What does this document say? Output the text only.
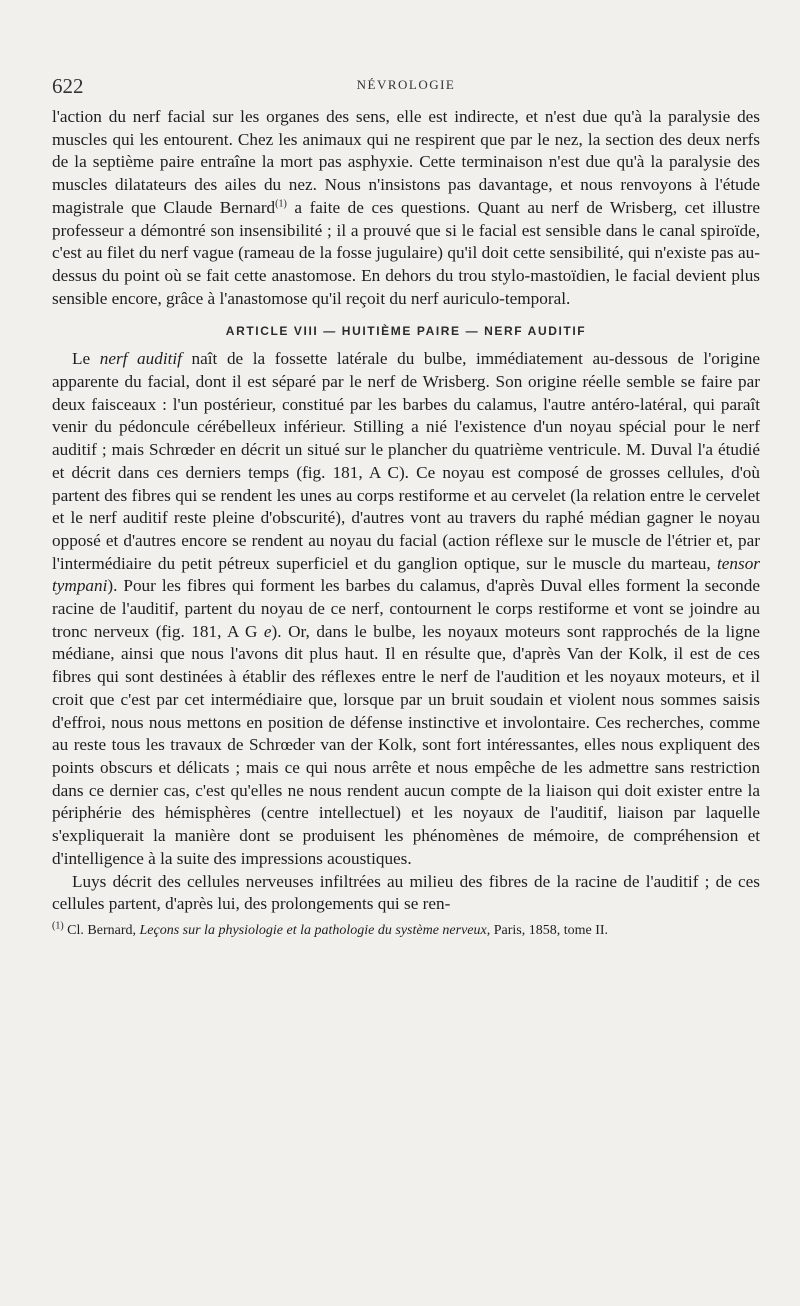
622	NÉVROLOGIE

l'action du nerf facial sur les organes des sens, elle est indirecte, et n'est due qu'à la paralysie des muscles qui les entourent. Chez les animaux qui ne respirent que par le nez, la section des deux nerfs de la septième paire entraîne la mort pas asphyxie. Cette terminaison n'est due qu'à la paralysie des muscles dilatateurs des ailes du nez. Nous n'insistons pas davantage, et nous renvoyons à l'étude magistrale que Claude Bernard$^{(1)}$ a faite de ces questions. Quant au nerf de Wrisberg, cet illustre professeur a démontré son insensibilité ; il a prouvé que si le facial est sensible dans le canal spiroïde, c'est au filet du nerf vague (rameau de la fosse jugulaire) qu'il doit cette sensibilité, qui n'existe pas au-dessus du point où se fait cette anastomose. En dehors du trou stylo-mastoïdien, le facial devient plus sensible encore, grâce à l'anastomose qu'il reçoit du nerf auriculo-temporal.

ARTICLE VIII — HUITIÈME PAIRE — NERF AUDITIF

Le nerf auditif naît de la fossette latérale du bulbe, immédiatement au-dessous de l'origine apparente du facial, dont il est séparé par le nerf de Wrisberg. Son origine réelle semble se faire par deux faisceaux : l'un postérieur, constitué par les barbes du calamus, l'autre antéro-latéral, qui paraît venir du pédoncule cérébelleux inférieur. Stilling a nié l'existence d'un noyau spécial pour le nerf auditif ; mais Schrœder en décrit un situé sur le plancher du quatrième ventricule. M. Duval l'a étudié et décrit dans ces derniers temps (fig. 181, A C). Ce noyau est composé de grosses cellules, d'où partent des fibres qui se rendent les unes au corps restiforme et au cervelet (la relation entre le cervelet et le nerf auditif reste pleine d'obscurité), d'autres vont au travers du raphé médian gagner le noyau opposé et d'autres encore se rendent au noyau du facial (action réflexe sur le muscle de l'étrier et, par l'intermédiaire du petit pétreux superficiel et du ganglion optique, sur le muscle du marteau, tensor tympani). Pour les fibres qui forment les barbes du calamus, d'après Duval elles forment la seconde racine de l'auditif, partent du noyau de ce nerf, contournent le corps restiforme et vont se joindre au tronc nerveux (fig. 181, A G e). Or, dans le bulbe, les noyaux moteurs sont rapprochés de la ligne médiane, ainsi que nous l'avons dit plus haut. Il en résulte que, d'après Van der Kolk, il est de ces fibres qui sont destinées à établir des réflexes entre le nerf de l'audition et les noyaux moteurs, et il croit que c'est par cet intermédiaire que, lorsque par un bruit soudain et violent nous sommes saisis d'effroi, nous nous mettons en position de défense instinctive et involontaire. Ces recherches, comme au reste tous les travaux de Schrœder van der Kolk, sont fort intéressantes, elles nous expliquent des points obscurs et délicats ; mais ce qui nous arrête et nous empêche de les admettre sans restriction dans ce dernier cas, c'est qu'elles ne nous rendent aucun compte de la liaison qui doit exister entre la périphérie des hémisphères (centre intellectuel) et les noyaux de l'auditif, liaison par laquelle s'expliquerait la manière dont se produisent les phénomènes de mémoire, de compréhension et d'intelligence à la suite des impressions acoustiques.

Luys décrit des cellules nerveuses infiltrées au milieu des fibres de la racine de l'auditif ; de ces cellules partent, d'après lui, des prolongements qui se ren-

$^{(1)}$ Cl. Bernard, Leçons sur la physiologie et la pathologie du système nerveux, Paris, 1858, tome II.
